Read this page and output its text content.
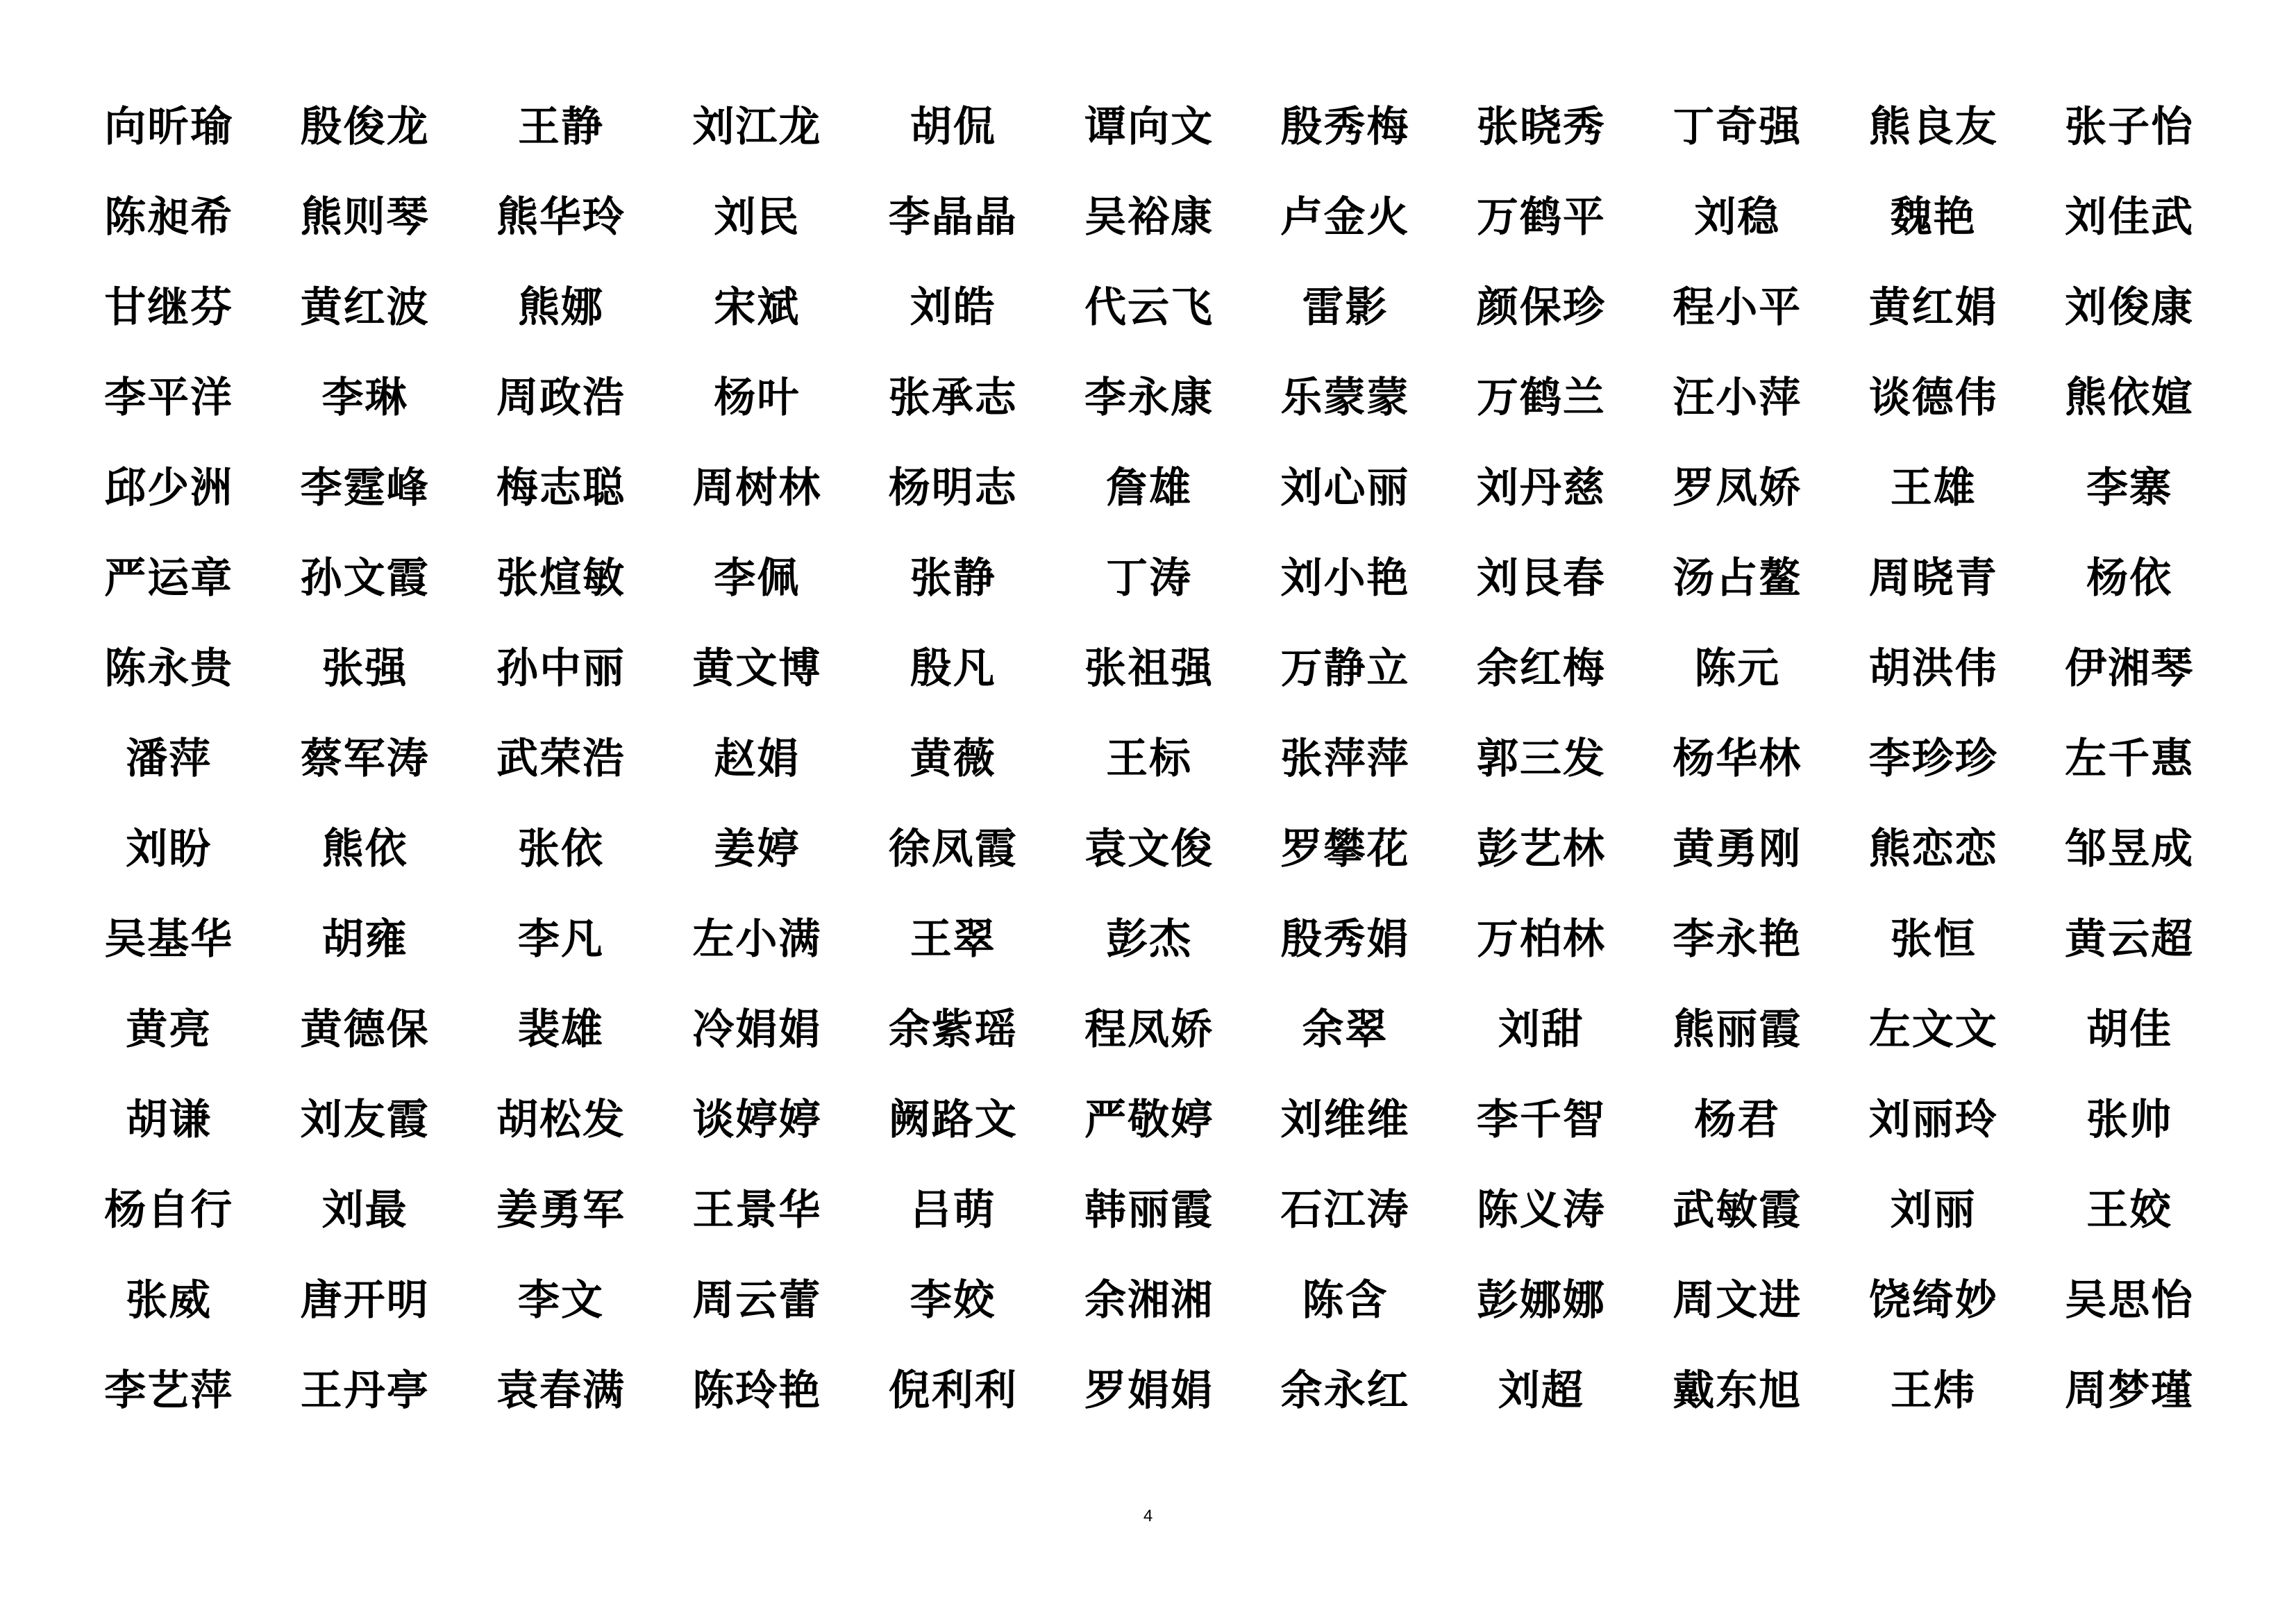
向昕瑜	殷俊龙	王静	刘江龙	胡侃	谭向文	殷秀梅	张晓秀	丁奇强	熊良友	张子怡
陈昶希	熊则琴	熊华玲	刘民	李晶晶	吴裕康	卢金火	万鹤平	刘稳	魏艳	刘佳武
甘继芬	黄红波	熊娜	宋斌	刘皓	代云飞	雷影	颜保珍	程小平	黄红娟	刘俊康
李平洋	李琳	周政浩	杨叶	张承志	李永康	乐蒙蒙	万鹤兰	汪小萍	谈德伟	熊依媗
邱少洲	李霆峰	梅志聪	周树林	杨明志	詹雄	刘心丽	刘丹慈	罗凤娇	王雄	李寨
严运章	孙文霞	张煊敏	李佩	张静	丁涛	刘小艳	刘艮春	汤占鳌	周晓青	杨依
陈永贵	张强	孙中丽	黄文博	殷凡	张祖强	万静立	余红梅	陈元	胡洪伟	伊湘琴
潘萍	蔡军涛	武荣浩	赵娟	黄薇	王标	张萍萍	郭三发	杨华林	李珍珍	左千惠
刘盼	熊依	张依	姜婷	徐凤霞	袁文俊	罗攀花	彭艺林	黄勇刚	熊恋恋	邹昱成
吴基华	胡雍	李凡	左小满	王翠	彭杰	殷秀娟	万柏林	李永艳	张恒	黄云超
黄亮	黄德保	裴雄	冷娟娟	余紫瑶	程凤娇	余翠	刘甜	熊丽霞	左文文	胡佳
胡谦	刘友霞	胡松发	谈婷婷	阙路文	严敬婷	刘维维	李千智	杨君	刘丽玲	张帅
杨自行	刘最	姜勇军	王景华	吕萌	韩丽霞	石江涛	陈义涛	武敏霞	刘丽	王姣
张威	唐开明	李文	周云蕾	李姣	余湘湘	陈含	彭娜娜	周文进	饶绮妙	吴思怡
李艺萍	王丹亭	袁春满	陈玲艳	倪利利	罗娟娟	余永红	刘超	戴东旭	王炜	周梦瑾
4
